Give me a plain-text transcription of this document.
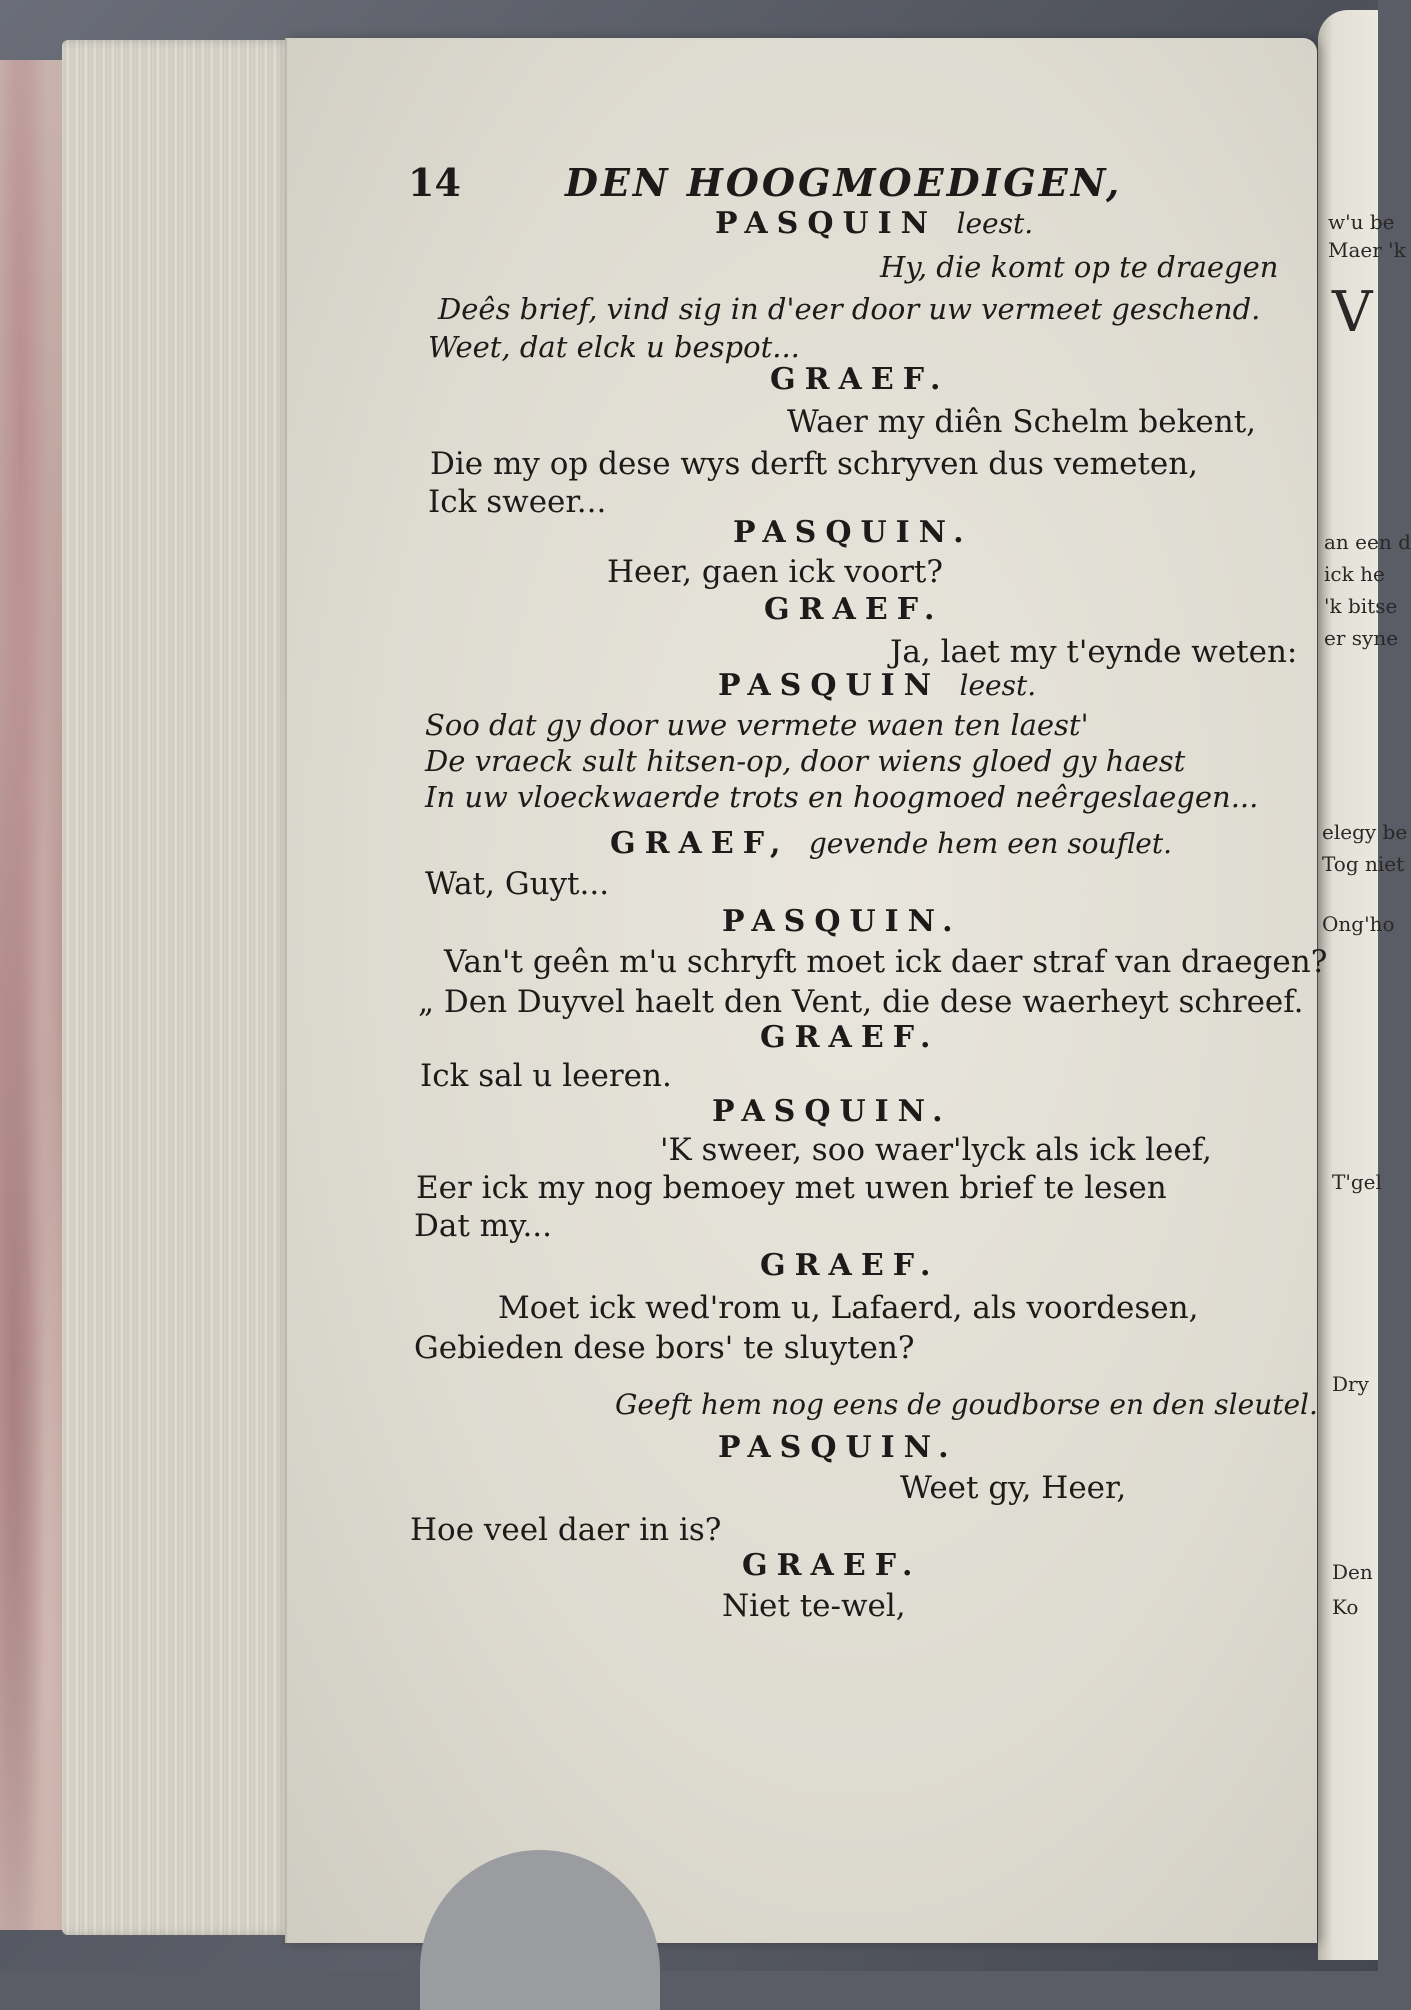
w'u be
Maer 'k
V
an een d
ick he
'k bitse
er syne
elegy be
Tog niet
Ong'ho
T'gel
Dry
Den
Ko
14	DEN HOOGMOEDIGEN,
PASQUIN leest.
Hy, die komt op te draegen
Deês brief, vind sig in d'eer door uw vermeet geschend.
Weet, dat elck u bespot...
GRAEF.
Waer my diên Schelm bekent,
Die my op dese wys derft schryven dus vemeten,
Ick sweer...
PASQUIN.
Heer, gaen ick voort?
GRAEF.
Ja, laet my t'eynde weten:
PASQUIN leest.
Soo dat gy door uwe vermete waen ten laest'
De vraeck sult hitsen-op, door wiens gloed gy haest
In uw vloeckwaerde trots en hoogmoed neêrgeslaegen...
GRAEF, gevende hem een souflet.
Wat, Guyt...
PASQUIN.
Van't geên m'u schryft moet ick daer straf van draegen?
„ Den Duyvel haelt den Vent, die dese waerheyt schreef.
GRAEF.
Ick sal u leeren.
PASQUIN.
'K sweer, soo waer'lyck als ick leef,
Eer ick my nog bemoey met uwen brief te lesen
Dat my...
GRAEF.
Moet ick wed'rom u, Lafaerd, als voordesen,
Gebieden dese bors' te sluyten?
Geeft hem nog eens de goudborse en den sleutel.
PASQUIN.
Weet gy, Heer,
Hoe veel daer in is?
GRAEF.
Niet te-wel,
